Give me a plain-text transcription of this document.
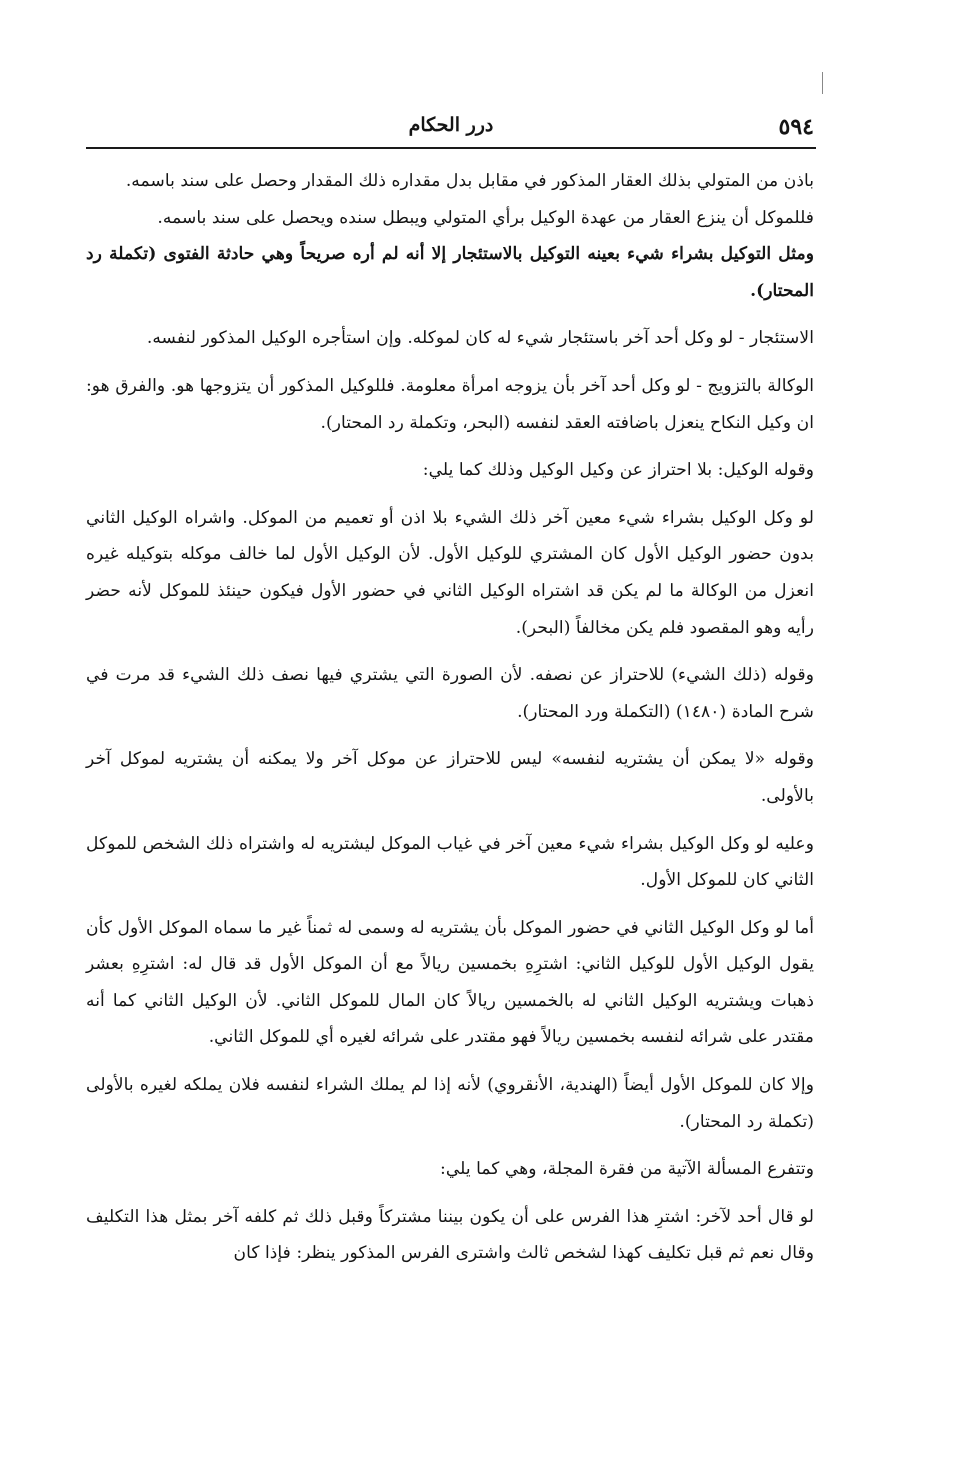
٥٩٤
درر الحكام

باذن من المتولي بذلك العقار المذكور في مقابل بدل مقداره ذلك المقدار وحصل على سند باسمه.

فللموكل أن ينزع العقار من عهدة الوكيل برأي المتولي ويبطل سنده ويحصل على سند باسمه.

ومثل التوكيل بشراء شيء بعينه التوكيل بالاستئجار إلا أنه لم أره صريحاً وهي حادثة الفتوى (تكملة رد المحتار).

الاستئجار - لو وكل أحد آخر باستئجار شيء له كان لموكله. وإن استأجره الوكيل المذكور لنفسه.

الوكالة بالتزويج - لو وكل أحد آخر بأن يزوجه امرأة معلومة. فللوكيل المذكور أن يتزوجها هو. والفرق هو: ان وكيل النكاح ينعزل باضافته العقد لنفسه (البحر، وتكملة رد المحتار).

وقوله الوكيل: بلا احتراز عن وكيل الوكيل وذلك كما يلي:

لو وكل الوكيل بشراء شيء معين آخر ذلك الشيء بلا اذن أو تعميم من الموكل. واشراه الوكيل الثاني بدون حضور الوكيل الأول كان المشتري للوكيل الأول. لأن الوكيل الأول لما خالف موكله بتوكيله غيره انعزل من الوكالة ما لم يكن قد اشتراه الوكيل الثاني في حضور الأول فيكون حينئذ للموكل لأنه حضر رأيه وهو المقصود فلم يكن مخالفاً (البحر).

وقوله (ذلك الشيء) للاحتراز عن نصفه. لأن الصورة التي يشتري فيها نصف ذلك الشيء قد مرت في شرح المادة (١٤٨٠) (التكملة ورد المحتار).

وقوله «لا يمكن أن يشتريه لنفسه» ليس للاحتراز عن موكل آخر ولا يمكنه أن يشتريه لموكل آخر بالأولى.

وعليه لو وكل الوكيل بشراء شيء معين آخر في غياب الموكل ليشتريه له واشتراه ذلك الشخص للموكل الثاني كان للموكل الأول.

أما لو وكل الوكيل الثاني في حضور الموكل بأن يشتريه له وسمى له ثمناً غير ما سماه الموكل الأول كأن يقول الوكيل الأول للوكيل الثاني: اشترِهِ بخمسين ريالاً مع أن الموكل الأول قد قال له: اشترِهِ بعشر ذهبات ويشتريه الوكيل الثاني له بالخمسين ريالاً كان المال للموكل الثاني. لأن الوكيل الثاني كما أنه مقتدر على شرائه لنفسه بخمسين ريالاً فهو مقتدر على شرائه لغيره أي للموكل الثاني.

وإلا كان للموكل الأول أيضاً (الهندية، الأنقروي) لأنه إذا لم يملك الشراء لنفسه فلان يملكه لغيره بالأولى (تكملة رد المحتار).

وتتفرع المسألة الآتية من فقرة المجلة، وهي كما يلي:

لو قال أحد لآخر: اشترِ هذا الفرس على أن يكون بيننا مشتركاً وقبل ذلك ثم كلفه آخر بمثل هذا التكليف وقال نعم ثم قبل تكليف كهذا لشخص ثالث واشترى الفرس المذكور ينظر: فإذا كان
